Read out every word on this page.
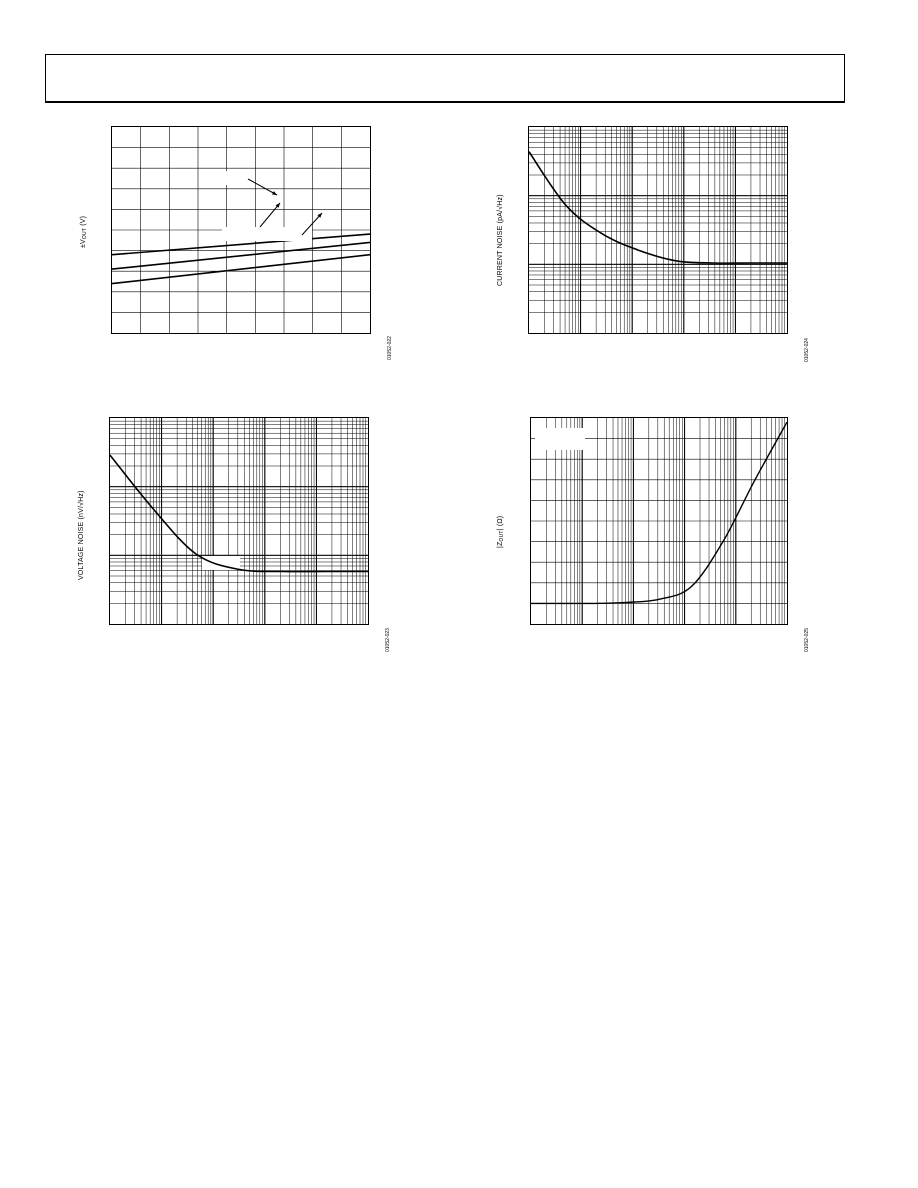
±VOUT (V)
01052-022
CURRENT NOISE (pA/√Hz)
01052-024
VOLTAGE NOISE (nV/√Hz)
01052-023
|ZOUT| (Ω)
01052-025
